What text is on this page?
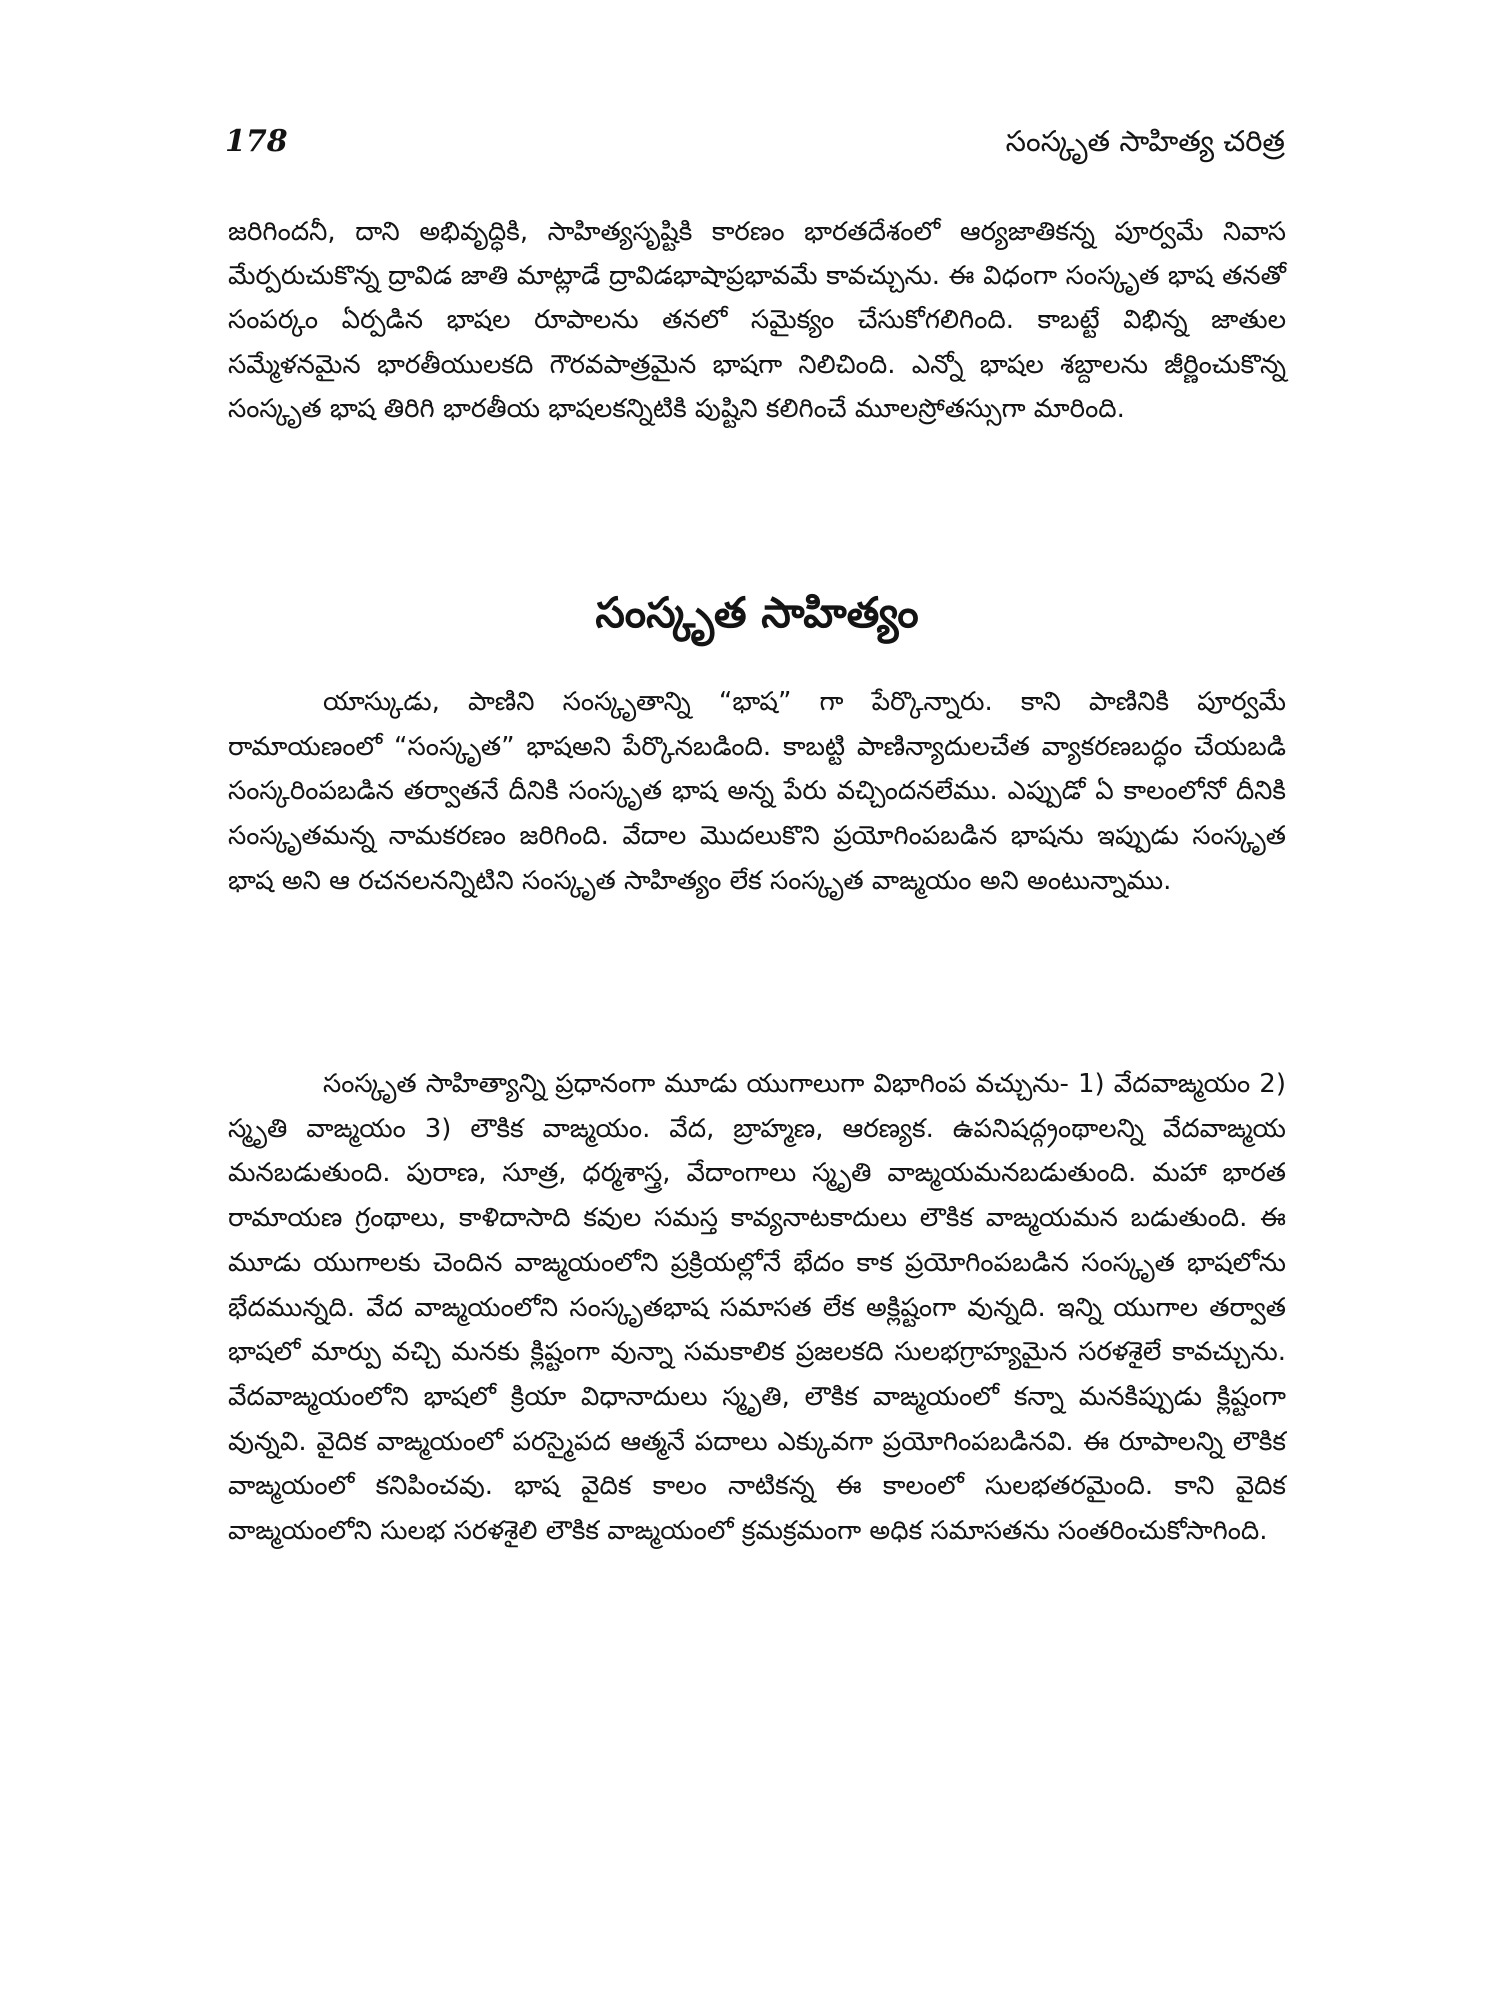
178	సంస్కృత సాహిత్య చరిత్ర

జరిగిందనీ, దాని అభివృద్ధికి, సాహిత్యసృష్టికి కారణం భారతదేశంలో ఆర్యజాతికన్న పూర్వమే నివాస మేర్పరుచుకొన్న ద్రావిడ జాతి మాట్లాడే ద్రావిడభాషాప్రభావమే కావచ్చును. ఈ విధంగా సంస్కృత భాష తనతో సంపర్కం ఏర్పడిన భాషల రూపాలను తనలో సమైక్యం చేసుకోగలిగింది. కాబట్టే విభిన్న జాతుల సమ్మేళనమైన భారతీయులకది గౌరవపాత్రమైన భాషగా నిలిచింది. ఎన్నో భాషల శబ్దాలను జీర్ణించుకొన్న సంస్కృత భాష తిరిగి భారతీయ భాషలకన్నిటికి పుష్టిని కలిగించే మూలస్రోతస్సుగా మారింది.

సంస్కృత సాహిత్యం

యాస్కుడు, పాణిని సంస్కృతాన్ని “భాష” గా పేర్కొన్నారు. కాని పాణినికి పూర్వమే రామాయణంలో “సంస్కృత” భాషఅని పేర్కొనబడింది. కాబట్టి పాణిన్యాదులచేత వ్యాకరణబద్ధం చేయబడి సంస్కరింపబడిన తర్వాతనే దీనికి సంస్కృత భాష అన్న పేరు వచ్చిందనలేము. ఎప్పుడో ఏ కాలంలోనో దీనికి సంస్కృతమన్న నామకరణం జరిగింది. వేదాల మొదలుకొని ప్రయోగింపబడిన భాషను ఇప్పుడు సంస్కృత భాష అని ఆ రచనలనన్నిటిని సంస్కృత సాహిత్యం లేక సంస్కృత వాఙ్మయం అని అంటున్నాము.

సంస్కృత సాహిత్యాన్ని ప్రధానంగా మూడు యుగాలుగా విభాగింప వచ్చును- 1) వేదవాఙ్మయం 2) స్మృతి వాఙ్మయం 3) లౌకిక వాఙ్మయం. వేద, బ్రాహ్మణ, ఆరణ్యక. ఉపనిషద్గ్రంథాలన్ని వేదవాఙ్మయ మనబడుతుంది. పురాణ, సూత్ర, ధర్మశాస్త్ర, వేదాంగాలు స్మృతి వాఙ్మయమనబడుతుంది. మహా భారత రామాయణ గ్రంథాలు, కాళిదాసాది కవుల సమస్త కావ్యనాటకాదులు లౌకిక వాఙ్మయమన బడుతుంది. ఈ మూడు యుగాలకు చెందిన వాఙ్మయంలోని ప్రక్రియల్లోనే భేదం కాక ప్రయోగింపబడిన సంస్కృత భాషలోను భేదమున్నది. వేద వాఙ్మయంలోని సంస్కృతభాష సమాసత లేక అక్లిష్టంగా వున్నది. ఇన్ని యుగాల తర్వాత భాషలో మార్పు వచ్చి మనకు క్లిష్టంగా వున్నా సమకాలిక ప్రజలకది సులభగ్రాహ్యమైన సరళశైలే కావచ్చును. వేదవాఙ్మయంలోని భాషలో క్రియా విధానాదులు స్మృతి, లౌకిక వాఙ్మయంలో కన్నా మనకిప్పుడు క్లిష్టంగా వున్నవి. వైదిక వాఙ్మయంలో పరస్మైపద ఆత్మనే పదాలు ఎక్కువగా ప్రయోగింపబడినవి. ఈ రూపాలన్ని లౌకిక వాఙ్మయంలో కనిపించవు. భాష వైదిక కాలం నాటికన్న ఈ కాలంలో సులభతరమైంది. కాని వైదిక వాఙ్మయంలోని సులభ సరళశైలి లౌకిక వాఙ్మయంలో క్రమక్రమంగా అధిక సమాసతను సంతరించుకోసాగింది.
